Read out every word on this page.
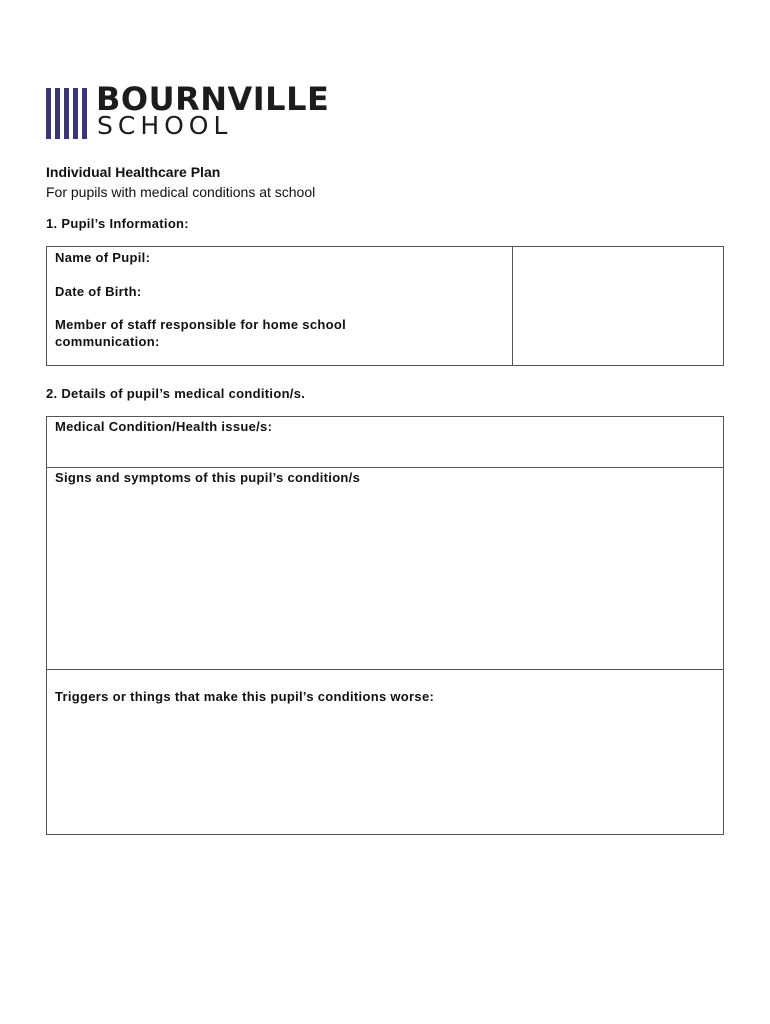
BOURNVILLE
SCHOOL
Individual Healthcare Plan
For pupils with medical conditions at school
1. Pupil’s Information:
Name of Pupil:
Date of Birth:
Member of staff responsible for home school communication:
2. Details of pupil’s medical condition/s.
Medical Condition/Health issue/s:
Signs and symptoms of this pupil’s condition/s
Triggers or things that make this pupil’s conditions worse:
